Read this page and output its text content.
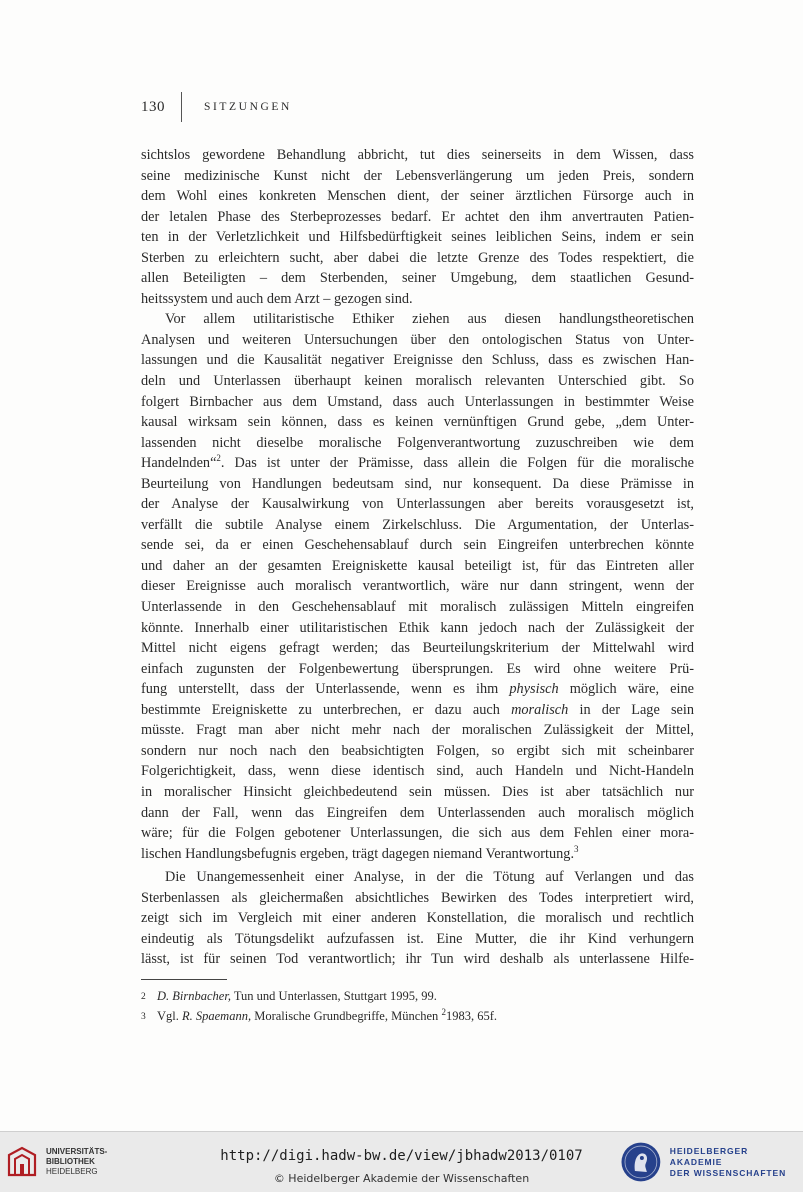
130	SITZUNGEN

sichtslos gewordene Behandlung abbricht, tut dies seinerseits in dem Wissen, dass

seine medizinische Kunst nicht der Lebensverlängerung um jeden Preis, sondern

dem Wohl eines konkreten Menschen dient, der seiner ärztlichen Fürsorge auch in

der letalen Phase des Sterbeprozesses bedarf. Er achtet den ihm anvertrauten Patien-

ten in der Verletzlichkeit und Hilfsbedürftigkeit seines leiblichen Seins, indem er sein

Sterben zu erleichtern sucht, aber dabei die letzte Grenze des Todes respektiert, die

allen Beteiligten – dem Sterbenden, seiner Umgebung, dem staatlichen Gesund-

heitssystem und auch dem Arzt – gezogen sind.

Vor allem utilitaristische Ethiker ziehen aus diesen handlungstheoretischen

Analysen und weiteren Untersuchungen über den ontologischen Status von Unter-

lassungen und die Kausalität negativer Ereignisse den Schluss, dass es zwischen Han-

deln und Unterlassen überhaupt keinen moralisch relevanten Unterschied gibt. So

folgert Birnbacher aus dem Umstand, dass auch Unterlassungen in bestimmter Weise

kausal wirksam sein können, dass es keinen vernünftigen Grund gebe, „dem Unter-

lassenden nicht dieselbe moralische Folgenverantwortung zuzuschreiben wie dem

Handelnden“$^2$. Das ist unter der Prämisse, dass allein die Folgen für die moralische

Beurteilung von Handlungen bedeutsam sind, nur konsequent. Da diese Prämisse in

der Analyse der Kausalwirkung von Unterlassungen aber bereits vorausgesetzt ist,

verfällt die subtile Analyse einem Zirkelschluss. Die Argumentation, der Unterlas-

sende sei, da er einen Geschehensablauf durch sein Eingreifen unterbrechen könnte

und daher an der gesamten Ereigniskette kausal beteiligt ist, für das Eintreten aller

dieser Ereignisse auch moralisch verantwortlich, wäre nur dann stringent, wenn der

Unterlassende in den Geschehensablauf mit moralisch zulässigen Mitteln eingreifen

könnte. Innerhalb einer utilitaristischen Ethik kann jedoch nach der Zulässigkeit der

Mittel nicht eigens gefragt werden; das Beurteilungskriterium der Mittelwahl wird

einfach zugunsten der Folgenbewertung übersprungen. Es wird ohne weitere Prü-

fung unterstellt, dass der Unterlassende, wenn es ihm physisch möglich wäre, eine

bestimmte Ereigniskette zu unterbrechen, er dazu auch moralisch in der Lage sein

müsste. Fragt man aber nicht mehr nach der moralischen Zulässigkeit der Mittel,

sondern nur noch nach den beabsichtigten Folgen, so ergibt sich mit scheinbarer

Folgerichtigkeit, dass, wenn diese identisch sind, auch Handeln und Nicht-Handeln

in moralischer Hinsicht gleichbedeutend sein müssen. Dies ist aber tatsächlich nur

dann der Fall, wenn das Eingreifen dem Unterlassenden auch moralisch möglich

wäre; für die Folgen gebotener Unterlassungen, die sich aus dem Fehlen einer mora-

lischen Handlungsbefugnis ergeben, trägt dagegen niemand Verantwortung.$^3$

Die Unangemessenheit einer Analyse, in der die Tötung auf Verlangen und das

Sterbenlassen als gleichermaßen absichtliches Bewirken des Todes interpretiert wird,

zeigt sich im Vergleich mit einer anderen Konstellation, die moralisch und rechtlich

eindeutig als Tötungsdelikt aufzufassen ist. Eine Mutter, die ihr Kind verhungern

lässt, ist für seinen Tod verantwortlich; ihr Tun wird deshalb als unterlassene Hilfe-

2 D. Birnbacher, Tun und Unterlassen, Stuttgart 1995, 99.
3 Vgl. R. Spaemann, Moralische Grundbegriffe, München $^2$1983, 65f.
UNIVERSITÄTS-
BIBLIOTHEK
HEIDELBERG
http://digi.hadw-bw.de/view/jbhadw2013/0107
© Heidelberger Akademie der Wissenschaften
HEIDELBERGER AKADEMIE
DER WISSENSCHAFTEN
